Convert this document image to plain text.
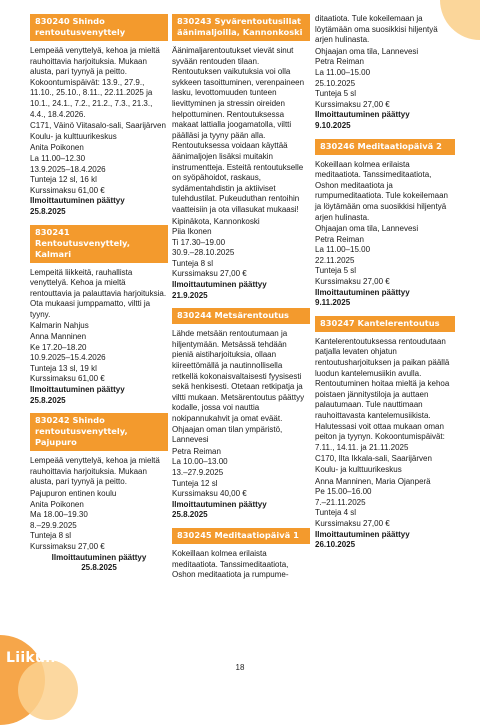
830240 Shindo rentoutusvenyttely

Lempeää venyttelyä, kehoa ja mieltä rauhoittavia harjoituksia. Mukaan alusta, pari tyynyä ja peitto. Kokoontumispäivät: 13.9., 27.9., 11.10., 25.10., 8.11., 22.11.2025 ja 10.1., 24.1., 7.2., 21.2., 7.3., 21.3., 4.4., 18.4.2026.

C171, Väinö Viitasalo-sali, Saarijärven Koulu- ja kulttuurikeskus

Anita Poikonen

La 11.00–12.30

13.9.2025–18.4.2026

Tunteja 12 sl, 16 kl

Kurssimaksu 61,00 €

Ilmoittautuminen päättyy

25.8.2025

830241 Rentoutusvenyttely, Kalmari

Lempeitä liikkeitä, rauhallista venyttelyä. Kehoa ja mieltä rentouttavia ja palauttavia harjoituksia. Ota mukaasi jumppamatto, viltti ja tyyny.

Kalmarin Nahjus

Anna Manninen

Ke 17.20–18.20

10.9.2025–15.4.2026

Tunteja 13 sl, 19 kl

Kurssimaksu 61,00 €

Ilmoittautuminen päättyy

25.8.2025

830242 Shindo rentoutusvenyttely, Pajupuro

Lempeää venyttelyä, kehoa ja mieltä rauhoittavia harjoituksia. Mukaan alusta, pari tyynyä ja peitto.

Pajupuron entinen koulu

Anita Poikonen

Ma 18.00–19.30

8.–29.9.2025

Tunteja 8 sl

Kurssimaksu 27,00 €

Ilmoittautuminen päättyy

25.8.2025

830243 Syvärentoutusillat äänimaljoilla, Kannonkoski

Äänimaljarentoutukset vievät sinut syvään rentouden tilaan. Rentoutuksen vaikutuksia voi olla sykkeen tasoittuminen, verenpaineen lasku, levottomuuden tunteen lievittyminen ja stressin oireiden helpottuminen. Rentoutuksessa makaat lattialla joogamatolla, viltti päälläsi ja tyyny pään alla. Rentoutuksessa voidaan käyttää äänimaljojen lisäksi muitakin instrumentteja. Esteitä rentoutukselle on syöpähoidot, raskaus, sydämentahdistin ja aktiiviset tulehdustilat. Pukeuduthan rentoihin vaatteisiin ja ota villasukat mukaasi!

Kipinäkota, Kannonkoski

Piia Ikonen

Ti 17.30–19.00

30.9.–28.10.2025

Tunteja 8 sl

Kurssimaksu 27,00 €

Ilmoittautuminen päättyy

21.9.2025

830244 Metsärentoutus

Lähde metsään rentoutumaan ja hiljentymään. Metsässä tehdään pieniä aistiharjoituksia, ollaan kiireettömällä ja nautinnollisella retkellä kokonaisvaltaisesti fyysisesti sekä henkisesti. Otetaan retkipatja ja viltti mukaan. Metsärentoutus päättyy kodalle, jossa voi nauttia nokipannukahvit ja omat eväät. Ohjaajan oman tilan ympäristö, Lannevesi

Petra Reiman

La 10.00–13.00

13.–27.9.2025

Tunteja 12 sl

Kurssimaksu 40,00 €

Ilmoittautuminen päättyy

25.8.2025

830245 Meditaatiopäivä 1

Kokeillaan kolmea erilaista meditaatiota. Tanssimeditaatiota, Oshon meditaatiota ja rumpume-

ditaatiota. Tule kokeilemaan ja löytämään oma suosikkisi hiljentyä arjen hulinasta.

Ohjaajan oma tila, Lannevesi

Petra Reiman

La 11.00–15.00

25.10.2025

Tunteja 5 sl

Kurssimaksu 27,00 €

Ilmoittautuminen päättyy

9.10.2025

830246 Meditaatiopäivä 2

Kokeillaan kolmea erilaista meditaatiota. Tanssimeditaatiota, Oshon meditaatiota ja rumpumeditaatiota. Tule kokeilemaan ja löytämään oma suosikkisi hiljentyä arjen hulinasta.

Ohjaajan oma tila, Lannevesi

Petra Reiman

La 11.00–15.00

22.11.2025

Tunteja 5 sl

Kurssimaksu 27,00 €

Ilmoittautuminen päättyy

9.11.2025

830247 Kantelerentoutus

Kantelerentoutuksessa rentoudutaan patjalla levaten ohjatun rentoutusharjoituksen ja paikan päällä luodun kantelemusiikin avulla. Rentoutuminen hoitaa mieltä ja kehoa poistaen jännitystiloja ja auttaen palautumaan. Tule nauttimaan rauhoittavasta kantelemusiikista. Halutessasi voit ottaa mukaan oman peiton ja tyynyn. Kokoontumispäivät: 7.11., 14.11. ja 21.11.2025

C170, Ilta Ikkala-sali, Saarijärven Koulu- ja kulttuurikeskus

Anna Manninen, Maria Ojanperä

Pe 15.00–16.00

7.–21.11.2025

Tunteja 4 sl

Kurssimaksu 27,00 €

Ilmoittautuminen päättyy

26.10.2025

Liikunta
18
